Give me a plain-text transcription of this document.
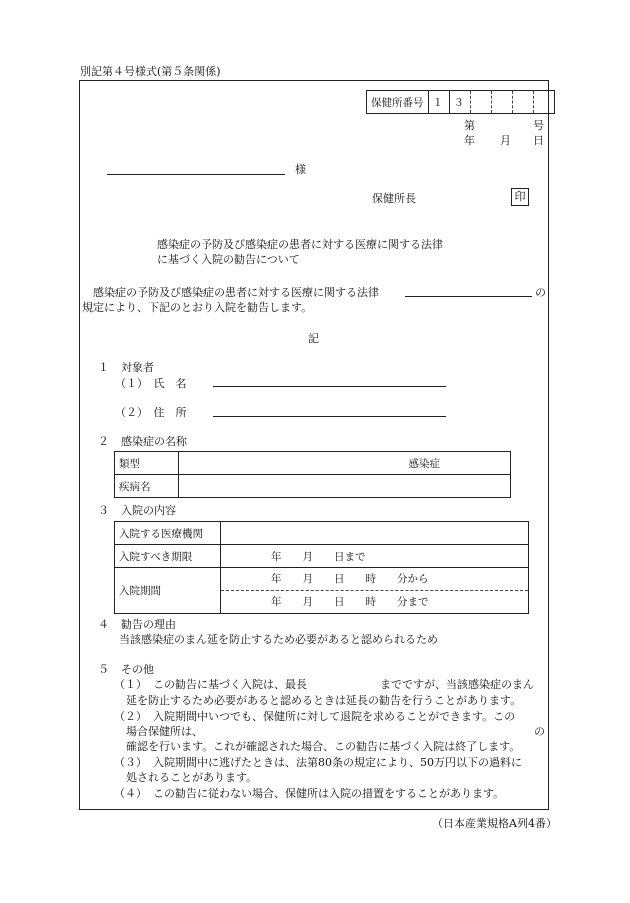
別記第４号様式(第５条関係)
保健所番号	１	３				
第	号
年 月 日
様
保健所長	印
感染症の予防及び感染症の患者に対する医療に関する法律
に基づく入院の勧告について
感染症の予防及び感染症の患者に対する医療に関する法律	の
規定により、下記のとおり入院を勧告します。
記
１ 対象者
（１）　氏　名
（２）　住　所
２ 感染症の名称
類型	感染症
疾病名	
３ 入院の内容
入院する医療機関	
入院すべき期限	年　　月　　日まで
入院期間	年　　月　　日　　時　　分から
年　　月　　日　　時　　分まで
４ 勧告の理由
当該感染症のまん延を防止するため必要があると認められるため
５ その他
（１） この勧告に基づく入院は、最長	までですが、当該感染症のまん
延を防止するため必要があると認めるときは延長の勧告を行うことがあります。
（２） 入院期間中いつでも、保健所に対して退院を求めることができます。この
場合保健所は、	の
確認を行います。これが確認された場合、この勧告に基づく入院は終了します。
（３） 入院期間中に逃げたときは、法第80条の規定により、50万円以下の過料に
処されることがあります。
（４） この勧告に従わない場合、保健所は入院の措置をすることがあります。
（日本産業規格A列4番）
